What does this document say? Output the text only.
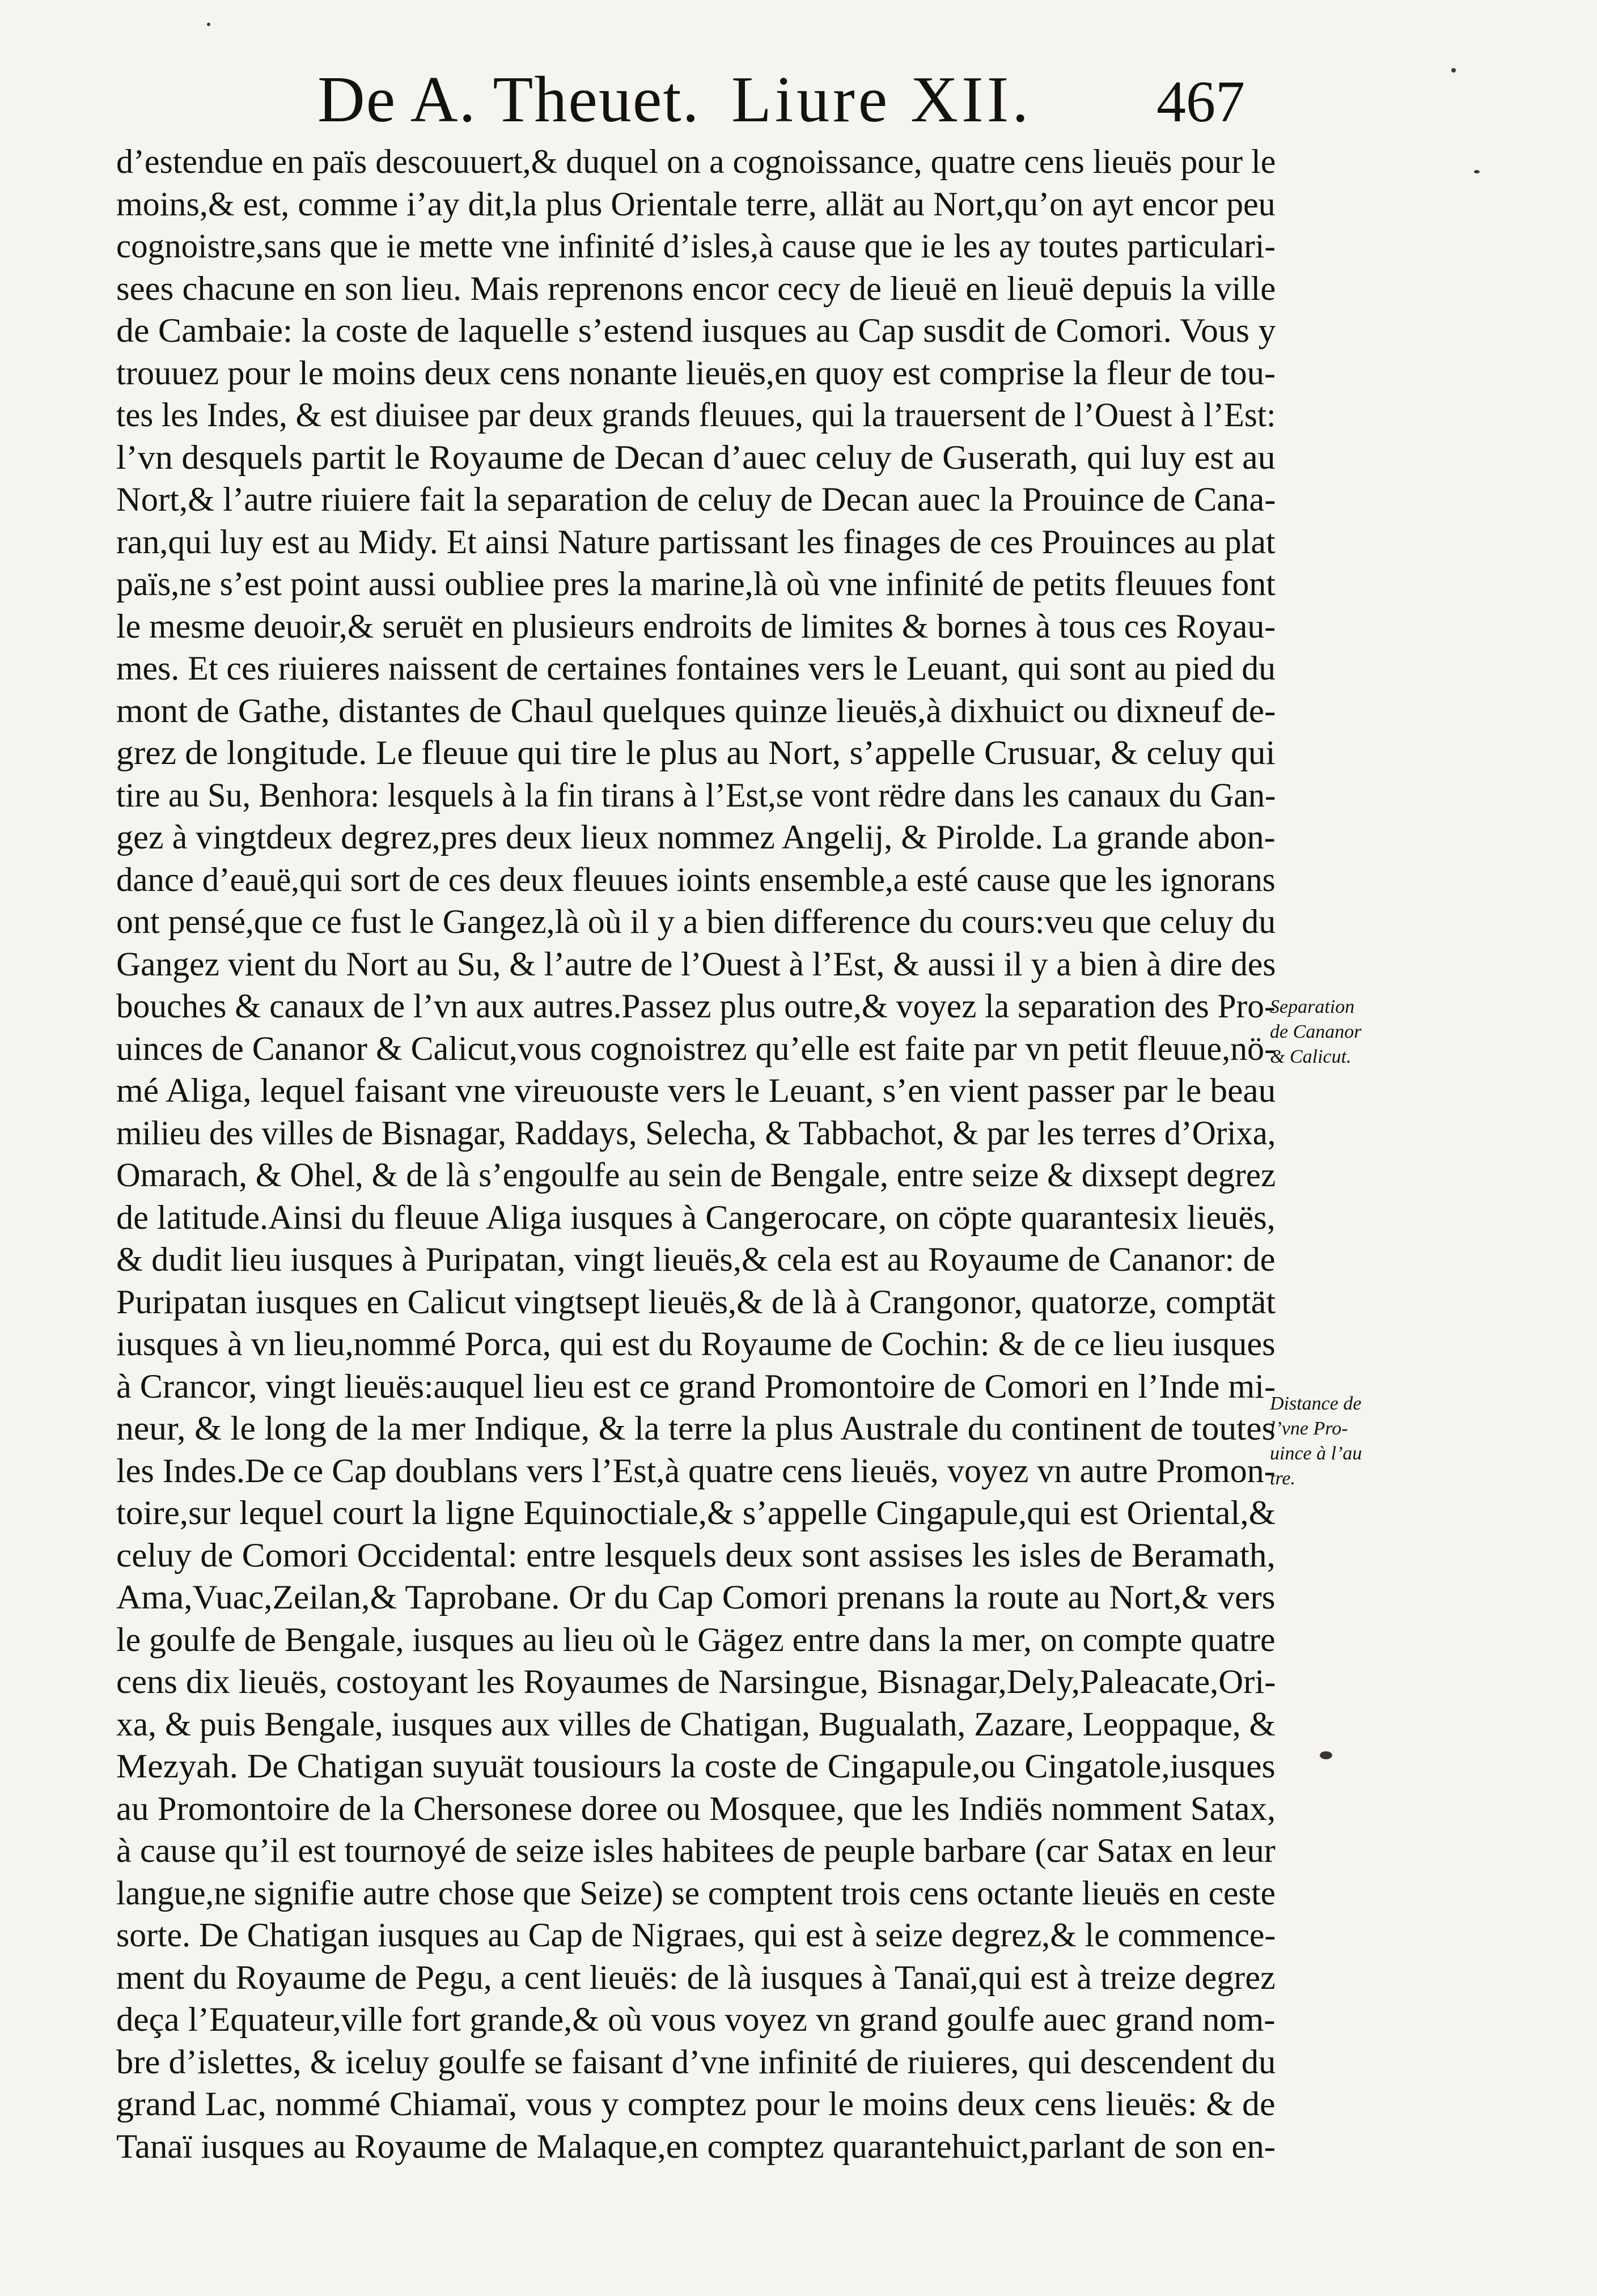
De A. Theuet. Liure XII. 467
d’estendue en païs descouuert,& duquel on a cognoissance, quatre cens lieuës pour le
moins,& est, comme i’ay dit,la plus Orientale terre, allät au Nort,qu’on ayt encor peu
cognoistre,sans que ie mette vne infinité d’isles,à cause que ie les ay toutes particulari-
sees chacune en son lieu. Mais reprenons encor cecy de lieuë en lieuë depuis la ville
de Cambaie: la coste de laquelle s’estend iusques au Cap susdit de Comori. Vous y
trouuez pour le moins deux cens nonante lieuës,en quoy est comprise la fleur de tou-
tes les Indes, & est diuisee par deux grands fleuues, qui la trauersent de l’Ouest à l’Est:
l’vn desquels partit le Royaume de Decan d’auec celuy de Guserath, qui luy est au
Nort,& l’autre riuiere fait la separation de celuy de Decan auec la Prouince de Cana-
ran,qui luy est au Midy. Et ainsi Nature partissant les finages de ces Prouinces au plat
païs,ne s’est point aussi oubliee pres la marine,là où vne infinité de petits fleuues font
le mesme deuoir,& seruët en plusieurs endroits de limites & bornes à tous ces Royau-
mes. Et ces riuieres naissent de certaines fontaines vers le Leuant, qui sont au pied du
mont de Gathe, distantes de Chaul quelques quinze lieuës,à dixhuict ou dixneuf de-
grez de longitude. Le fleuue qui tire le plus au Nort, s’appelle Crusuar, & celuy qui
tire au Su, Benhora: lesquels à la fin tirans à l’Est,se vont rëdre dans les canaux du Gan-
gez à vingtdeux degrez,pres deux lieux nommez Angelij, & Pirolde. La grande abon-
dance d’eauë,qui sort de ces deux fleuues ioints ensemble,a esté cause que les ignorans
ont pensé,que ce fust le Gangez,là où il y a bien difference du cours:veu que celuy du
Gangez vient du Nort au Su, & l’autre de l’Ouest à l’Est, & aussi il y a bien à dire des
bouches & canaux de l’vn aux autres.Passez plus outre,& voyez la separation des Pro-
uinces de Cananor & Calicut,vous cognoistrez qu’elle est faite par vn petit fleuue,nö-
mé Aliga, lequel faisant vne vireuouste vers le Leuant, s’en vient passer par le beau
milieu des villes de Bisnagar, Raddays, Selecha, & Tabbachot, & par les terres d’Orixa,
Omarach, & Ohel, & de là s’engoulfe au sein de Bengale, entre seize & dixsept degrez
de latitude.Ainsi du fleuue Aliga iusques à Cangerocare, on cöpte quarantesix lieuës,
& dudit lieu iusques à Puripatan, vingt lieuës,& cela est au Royaume de Cananor: de
Puripatan iusques en Calicut vingtsept lieuës,& de là à Crangonor, quatorze, comptät
iusques à vn lieu,nommé Porca, qui est du Royaume de Cochin: & de ce lieu iusques
à Crancor, vingt lieuës:auquel lieu est ce grand Promontoire de Comori en l’Inde mi-
neur, & le long de la mer Indique, & la terre la plus Australe du continent de toutes
les Indes.De ce Cap doublans vers l’Est,à quatre cens lieuës, voyez vn autre Promon-
toire,sur lequel court la ligne Equinoctiale,& s’appelle Cingapule,qui est Oriental,&
celuy de Comori Occidental: entre lesquels deux sont assises les isles de Beramath,
Ama,Vuac,Zeilan,& Taprobane. Or du Cap Comori prenans la route au Nort,& vers
le goulfe de Bengale, iusques au lieu où le Gägez entre dans la mer, on compte quatre
cens dix lieuës, costoyant les Royaumes de Narsingue, Bisnagar,Dely,Paleacate,Ori-
xa, & puis Bengale, iusques aux villes de Chatigan, Bugualath, Zazare, Leoppaque, &
Mezyah. De Chatigan suyuät tousiours la coste de Cingapule,ou Cingatole,iusques
au Promontoire de la Chersonese doree ou Mosquee, que les Indiës nomment Satax,
à cause qu’il est tournoyé de seize isles habitees de peuple barbare (car Satax en leur
langue,ne signifie autre chose que Seize) se comptent trois cens octante lieuës en ceste
sorte. De Chatigan iusques au Cap de Nigraes, qui est à seize degrez,& le commence-
ment du Royaume de Pegu, a cent lieuës: de là iusques à Tanaï,qui est à treize degrez
deça l’Equateur,ville fort grande,& où vous voyez vn grand goulfe auec grand nom-
bre d’islettes, & iceluy goulfe se faisant d’vne infinité de riuieres, qui descendent du
grand Lac, nommé Chiamaï, vous y comptez pour le moins deux cens lieuës: & de
Tanaï iusques au Royaume de Malaque,en comptez quarantehuict,parlant de son en-
Separation
de Cananor
& Calicut.
Distance de
l’vne Pro-
uince à l’au
tre.
